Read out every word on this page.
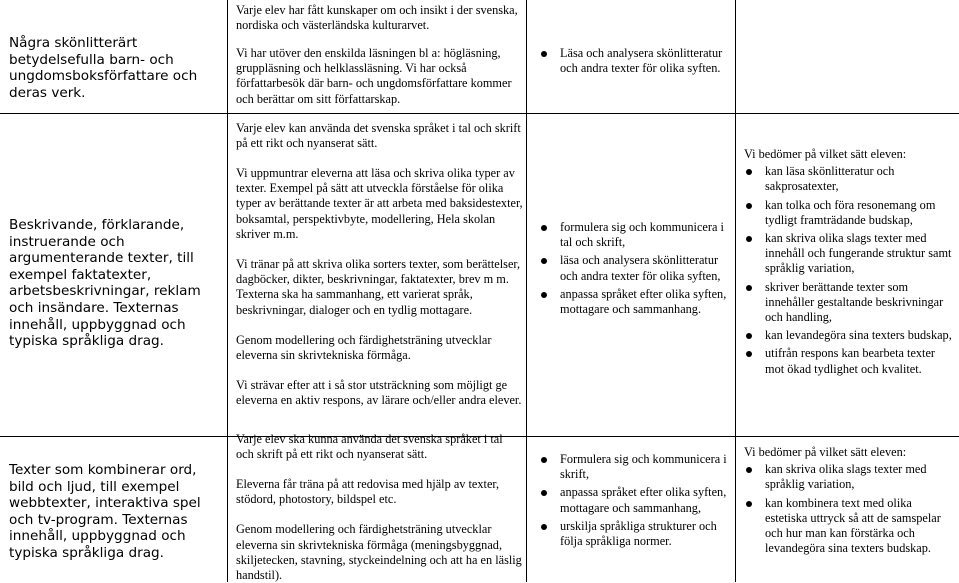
Några skönlitterärt betydelsefulla barn- och ungdomsboksförfattare och deras verk.

Varje elev har fått kunskaper om och insikt i der svenska, nordiska och västerländska kulturarvet.

Vi har utöver den enskilda läsningen bl a: högläsning, gruppläsning och helklassläsning. Vi har också författarbesök där barn- och ungdomsförfattare kommer och berättar om sitt författarskap.

Läsa och analysera skönlitteratur och andra texter för olika syften.

Beskrivande, förklarande, instruerande och argumenterande texter, till exempel faktatexter, arbetsbeskrivningar, reklam och insändare. Texternas innehåll, uppbyggnad och typiska språkliga drag.

Varje elev kan använda det svenska språket i tal och skrift på ett rikt och nyanserat sätt.

Vi uppmuntrar eleverna att läsa och skriva olika typer av texter. Exempel på sätt att utveckla förståelse för olika typer av berättande texter är att arbeta med baksidestexter, boksamtal, perspektivbyte, modellering, Hela skolan skriver m.m.

Vi tränar på att skriva olika sorters texter, som berättelser, dagböcker, dikter, beskrivningar, faktatexter, brev m m. Texterna ska ha sammanhang, ett varierat språk, beskrivningar, dialoger och en tydlig mottagare.

Genom modellering och färdighetsträning utvecklar eleverna sin skrivtekniska förmåga.

Vi strävar efter att i så stor utsträckning som möjligt ge eleverna en aktiv respons, av lärare och/eller andra elever.

formulera sig och kommunicera i tal och skrift,
läsa och analysera skönlitteratur och andra texter för olika syften,
anpassa språket efter olika syften, mottagare och sammanhang.

Vi bedömer på vilket sätt eleven:

kan läsa skönlitteratur och sakprosatexter,
kan tolka och föra resonemang om tydligt framträdande budskap,
kan skriva olika slags texter med innehåll och fungerande struktur samt språklig variation,
skriver berättande texter som innehåller gestaltande beskrivningar och handling,
kan levandegöra sina texters budskap,
utifrån respons kan bearbeta texter mot ökad tydlighet och kvalitet.

Texter som kombinerar ord, bild och ljud, till exempel webbtexter, interaktiva spel och tv-program. Texternas innehåll, uppbyggnad och typiska språkliga drag.

Varje elev ska kunna använda det svenska språket i tal och skrift på ett rikt och nyanserat sätt.

Eleverna får träna på att redovisa med hjälp av texter, stödord, photostory, bildspel etc.

Genom modellering och färdighetsträning utvecklar eleverna sin skrivtekniska förmåga (meningsbyggnad, skiljetecken, stavning, styckeindelning och att ha en läslig handstil).

Formulera sig och kommunicera i skrift,
anpassa språket efter olika syften, mottagare och sammanhang,
urskilja språkliga strukturer och följa språkliga normer.

Vi bedömer på vilket sätt eleven:

kan skriva olika slags texter med språklig variation,
kan kombinera text med olika estetiska uttryck så att de samspelar och hur man kan förstärka och levandegöra sina texters budskap.
